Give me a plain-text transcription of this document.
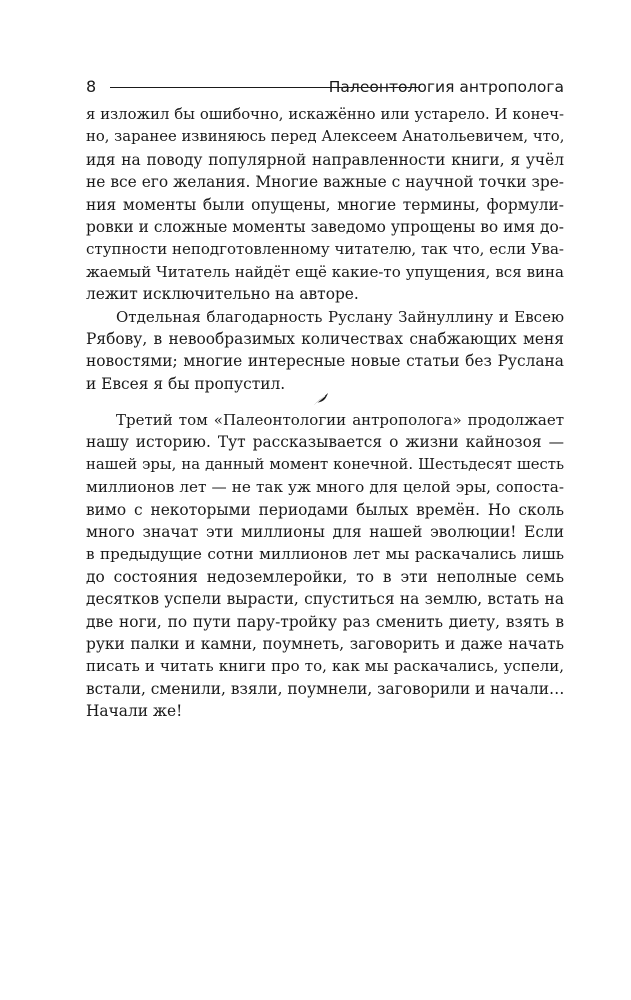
8	Палеонтология антрополога
я изложил бы ошибочно, искажённо или устарело. И конеч-
но, заранее извиняюсь перед Алексеем Анатольевичем, что,
идя на поводу популярной направленности книги, я учёл
не все его желания. Многие важные с научной точки зре-
ния моменты были опущены, многие термины, формули-
ровки и сложные моменты заведомо упрощены во имя до-
ступности неподготовленному читателю, так что, если Ува-
жаемый Читатель найдёт ещё какие-то упущения, вся вина
лежит исключительно на авторе.
Отдельная благодарность Руслану Зайнуллину и Евсею
Рябову, в невообразимых количествах снабжающих меня
новостями; многие интересные новые статьи без Руслана
и Евсея я бы пропустил.
Третий том «Палеонтологии антрополога» продолжает
нашу историю. Тут рассказывается о жизни кайнозоя —
нашей эры, на данный момент конечной. Шестьдесят шесть
миллионов лет — не так уж много для целой эры, сопоста-
вимо с некоторыми периодами былых времён. Но сколь
много значат эти миллионы для нашей эволюции! Если
в предыдущие сотни миллионов лет мы раскачались лишь
до состояния недоземлеройки, то в эти неполные семь
десятков успели вырасти, спуститься на землю, встать на
две ноги, по пути пару-тройку раз сменить диету, взять в
руки палки и камни, поумнеть, заговорить и даже начать
писать и читать книги про то, как мы раскачались, успели,
встали, сменили, взяли, поумнели, заговорили и начали…
Начали же!
